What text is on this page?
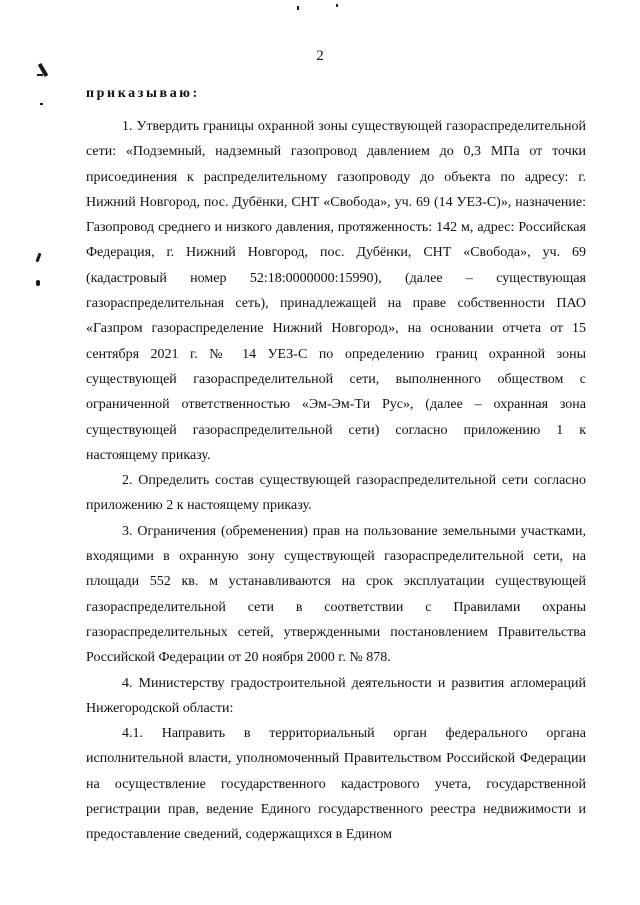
2
приказываю:

1. Утвердить границы охранной зоны существующей газораспределительной сети: «Подземный, надземный газопровод давлением до 0,3 МПа от точки присоединения к распределительному газопроводу до объекта по адресу: г. Нижний Новгород, пос. Дубёнки, СНТ «Свобода», уч. 69 (14 УЕЗ-С)», назначение: Газопровод среднего и низкого давления, протяженность: 142 м, адрес: Российская Федерация, г. Нижний Новгород, пос. Дубёнки, СНТ «Свобода», уч. 69 (кадастровый номер 52:18:0000000:15990), (далее – существующая газораспределительная сеть), принадлежащей на праве собственности ПАО «Газпром газораспределение Нижний Новгород», на основании отчета от 15 сентября 2021 г. № 14 УЕЗ-С по определению границ охранной зоны существующей газораспределительной сети, выполненного обществом с ограниченной ответственностью «Эм-Эм-Ти Рус», (далее – охранная зона существующей газораспределительной сети) согласно приложению 1 к настоящему приказу.

2. Определить состав существующей газораспределительной сети согласно приложению 2 к настоящему приказу.

3. Ограничения (обременения) прав на пользование земельными участками, входящими в охранную зону существующей газораспределительной сети, на площади 552 кв. м устанавливаются на срок эксплуатации существующей газораспределительной сети в соответствии с Правилами охраны газораспределительных сетей, утвержденными постановлением Правительства Российской Федерации от 20 ноября 2000 г. № 878.

4. Министерству градостроительной деятельности и развития агломераций Нижегородской области:

4.1. Направить в территориальный орган федерального органа исполнительной власти, уполномоченный Правительством Российской Федерации на осуществление государственного кадастрового учета, государственной регистрации прав, ведение Единого государственного реестра недвижимости и предоставление сведений, содержащихся в Едином
